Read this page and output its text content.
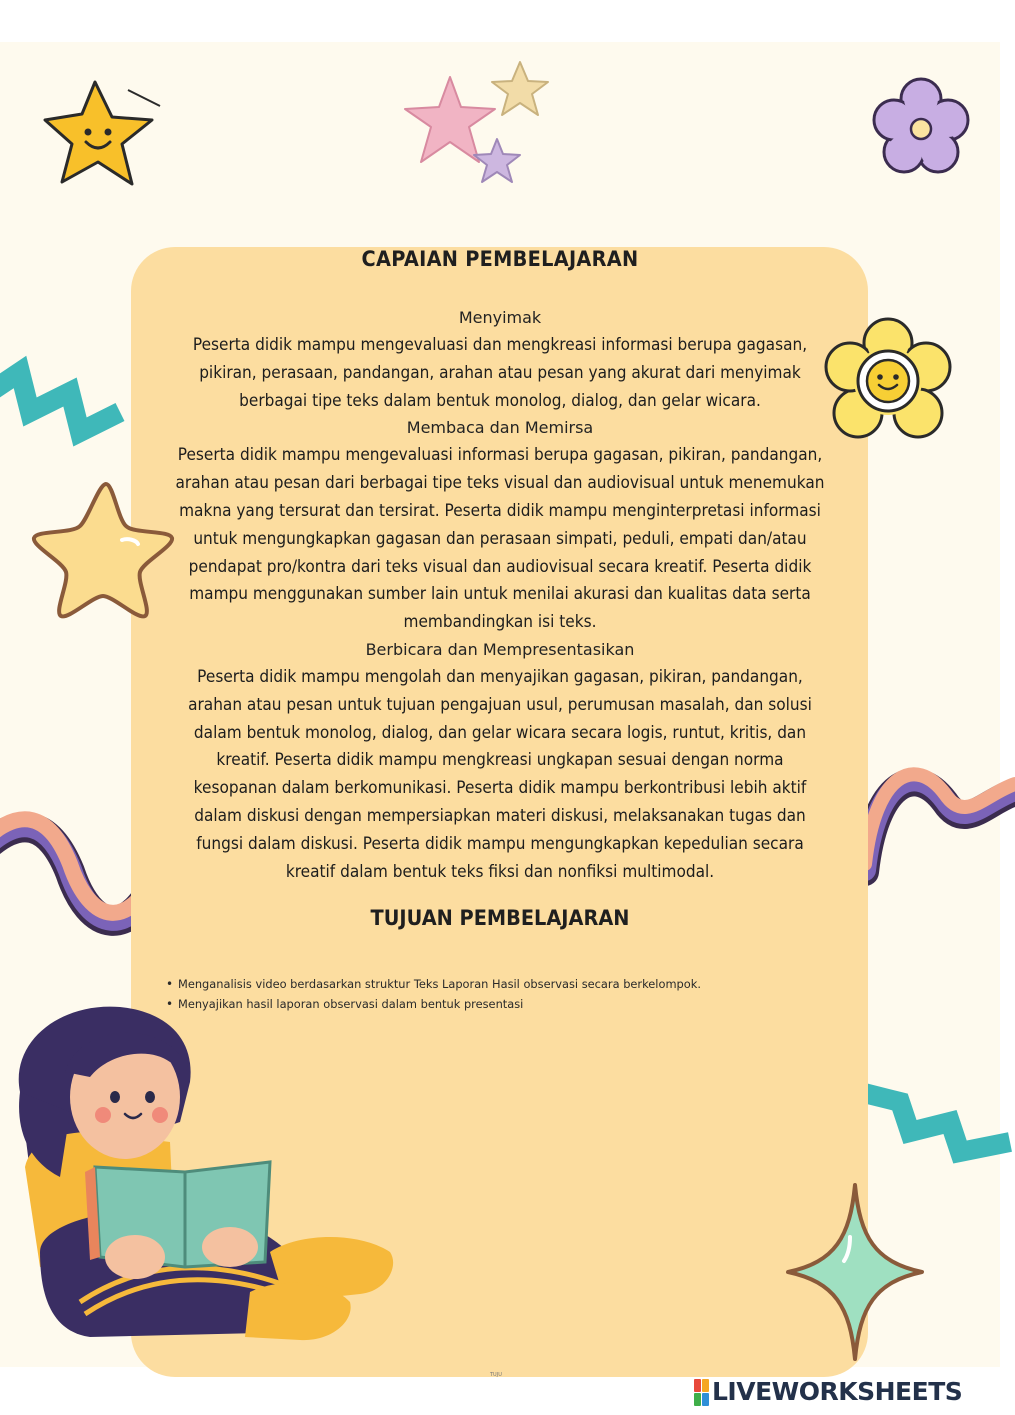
TUJU
CAPAIAN PEMBELAJARAN
Menyimak
Peserta didik mampu mengevaluasi dan mengkreasi informasi berupa gagasan, pikiran, perasaan, pandangan, arahan atau pesan yang akurat dari menyimak berbagai tipe teks dalam bentuk monolog, dialog, dan gelar wicara.
Membaca dan Memirsa
Peserta didik mampu mengevaluasi informasi berupa gagasan, pikiran, pandangan, arahan atau pesan dari berbagai tipe teks visual dan audiovisual untuk menemukan makna yang tersurat dan tersirat. Peserta didik mampu menginterpretasi informasi untuk mengungkapkan gagasan dan perasaan simpati, peduli, empati dan/atau pendapat pro/kontra dari teks visual dan audiovisual secara kreatif. Peserta didik mampu menggunakan sumber lain untuk menilai akurasi dan kualitas data serta membandingkan isi teks.
Berbicara dan Mempresentasikan
Peserta didik mampu mengolah dan menyajikan gagasan, pikiran, pandangan, arahan atau pesan untuk tujuan pengajuan usul, perumusan masalah, dan solusi dalam bentuk monolog, dialog, dan gelar wicara secara logis, runtut, kritis, dan kreatif. Peserta didik mampu mengkreasi ungkapan sesuai dengan norma kesopanan dalam berkomunikasi. Peserta didik mampu berkontribusi lebih aktif dalam diskusi dengan mempersiapkan materi diskusi, melaksanakan tugas dan fungsi dalam diskusi. Peserta didik mampu mengungkapkan kepedulian secara kreatif dalam bentuk teks fiksi dan nonfiksi multimodal.
TUJUAN PEMBELAJARAN
• Menganalisis video berdasarkan struktur Teks Laporan Hasil observasi secara berkelompok.
• Menyajikan hasil laporan observasi dalam bentuk presentasi
LIVEWORKSHEETS
